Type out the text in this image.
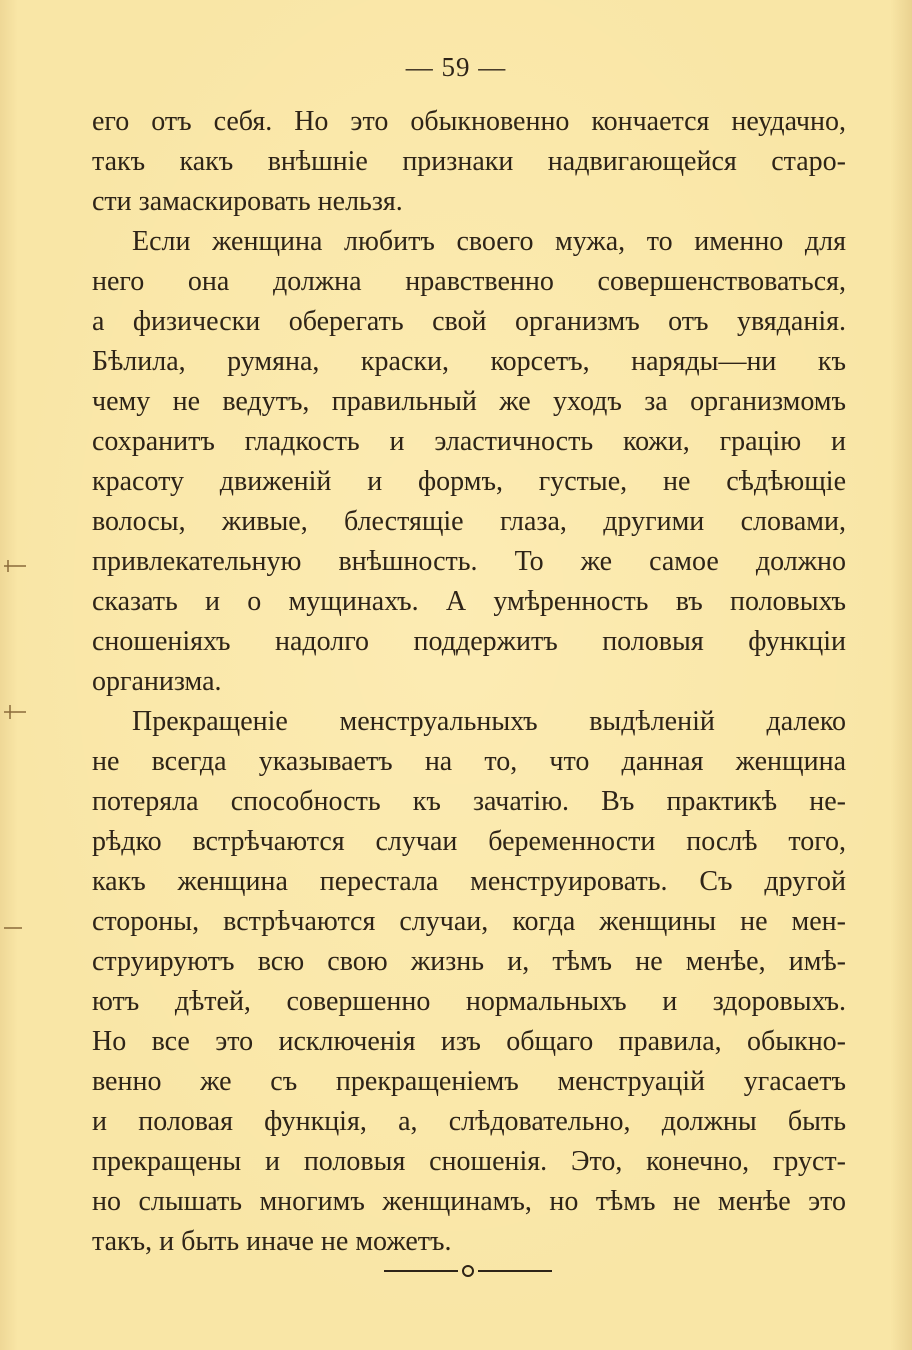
— 59 —
его отъ себя. Но это обыкновенно кончается неудачно,
такъ какъ внѣшніе признаки надвигающейся старо-
сти замаскировать нельзя.
Если женщина любитъ своего мужа, то именно для
него она должна нравственно совершенствоваться,
а физически оберегать свой организмъ отъ увяданія.
Бѣлила, румяна, краски, корсетъ, наряды—ни къ
чему не ведутъ, правильный же уходъ за организмомъ
сохранитъ гладкость и эластичность кожи, грацію и
красоту движеній и формъ, густые, не сѣдѣющіе
волосы, живые, блестящіе глаза, другими словами,
привлекательную внѣшность. То же самое должно
сказать и о мущинахъ. А умѣренность въ половыхъ
сношеніяхъ надолго поддержитъ половыя функціи
организма.
Прекращеніе менструальныхъ выдѣленій далеко
не всегда указываетъ на то, что данная женщина
потеряла способность къ зачатію. Въ практикѣ не-
рѣдко встрѣчаются случаи беременности послѣ того,
какъ женщина перестала менструировать. Съ другой
стороны, встрѣчаются случаи, когда женщины не мен-
струируютъ всю свою жизнь и, тѣмъ не менѣе, имѣ-
ютъ дѣтей, совершенно нормальныхъ и здоровыхъ.
Но все это исключенія изъ общаго правила, обыкно-
венно же съ прекращеніемъ менструацій угасаетъ
и половая функція, а, слѣдовательно, должны быть
прекращены и половыя сношенія. Это, конечно, груст-
но слышать многимъ женщинамъ, но тѣмъ не менѣе это
такъ, и быть иначе не можетъ.
